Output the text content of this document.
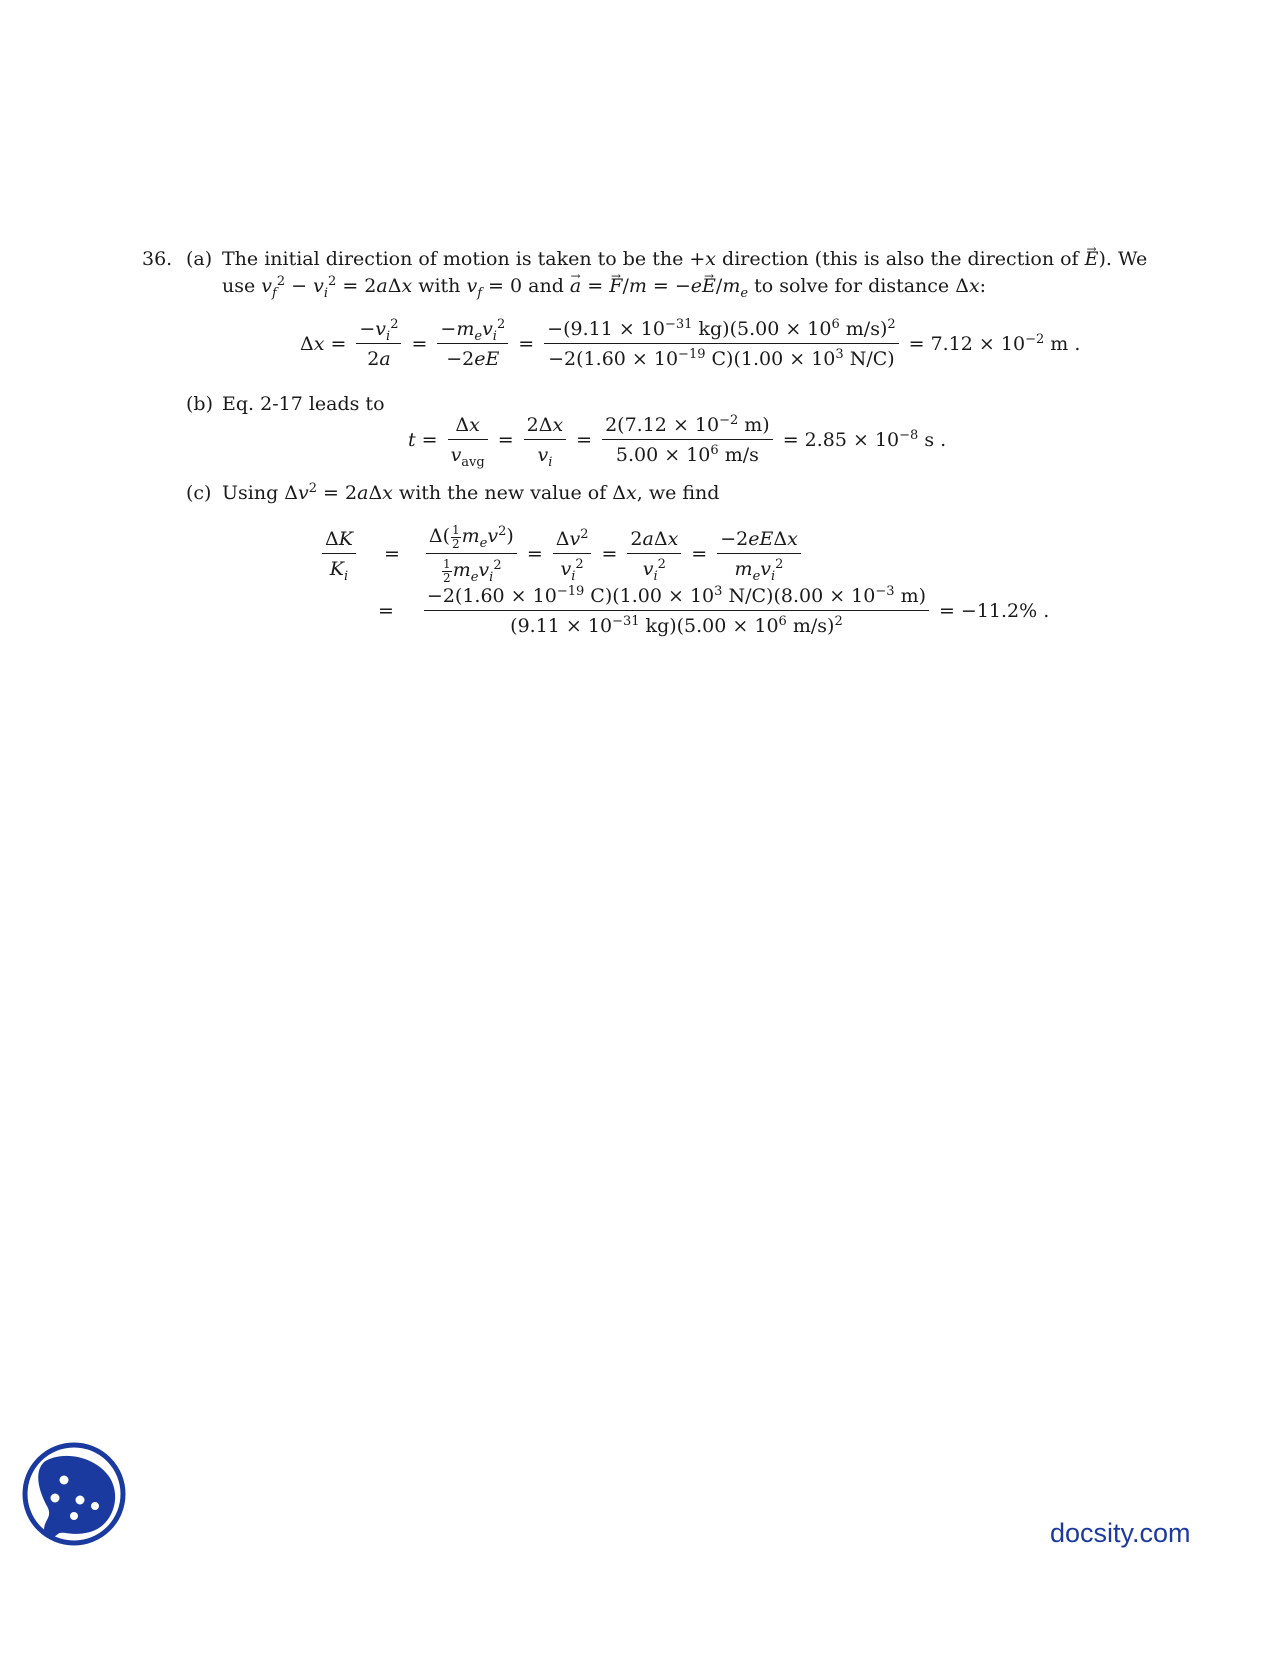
36. (a) The initial direction of motion is taken to be the +x direction (this is also the direction of → E). We
use $v_f^2 - v_i^2 = 2a\Delta x$ with $v_f = 0$ and → a = → $F/m = -e\to E/m_e$ to solve for distance Δx:
$\Delta x = \frac{-v_i^2}{2a} = \frac{-m_ev_i^2}{-2eE} = \frac{-(9.11 \times 10^{-31} kg)(5.00 \times 10^6 m/s)^2}{-2(1.60 \times 10^{-19} C)(1.00 \times 10^3 N/C)} = 7.12 \times 10^{-2}$ m .
(b) Eq. 2-17 leads to
$t = \frac{\Delta x}{v_{avg}} = \frac{2\Delta x}{v_i} = \frac{2(7.12 \times 10^{-2} m)}{5.00 \times 10^6 m/s} = 2.85 \times 10^{-8}$ s .
(c) Using $\Delta v^2 = 2a\Delta x$ with the new value of Δx, we find
$\frac{\Delta K}{K_i} = \frac{\Delta( \frac{1}{2} m_ev^2)}{\frac{1}{2} m_ev_i^2} = \frac{\Delta v^2}{v_i^2} = \frac{\text{2aΔx}}{v_i^2} = \frac{\text{−2eEΔx}}{m_ev_i^2}$
= $\frac{-2(1.60 \times 10^{-19} C)(1.00 \times 10^3 N/C)(8.00 \times 10^{-3} m)}{(9.11 \times 10^{-31} kg)(5.00 \times 10^6 m/s)^2} = -11.2\%$ .
docsity.com
